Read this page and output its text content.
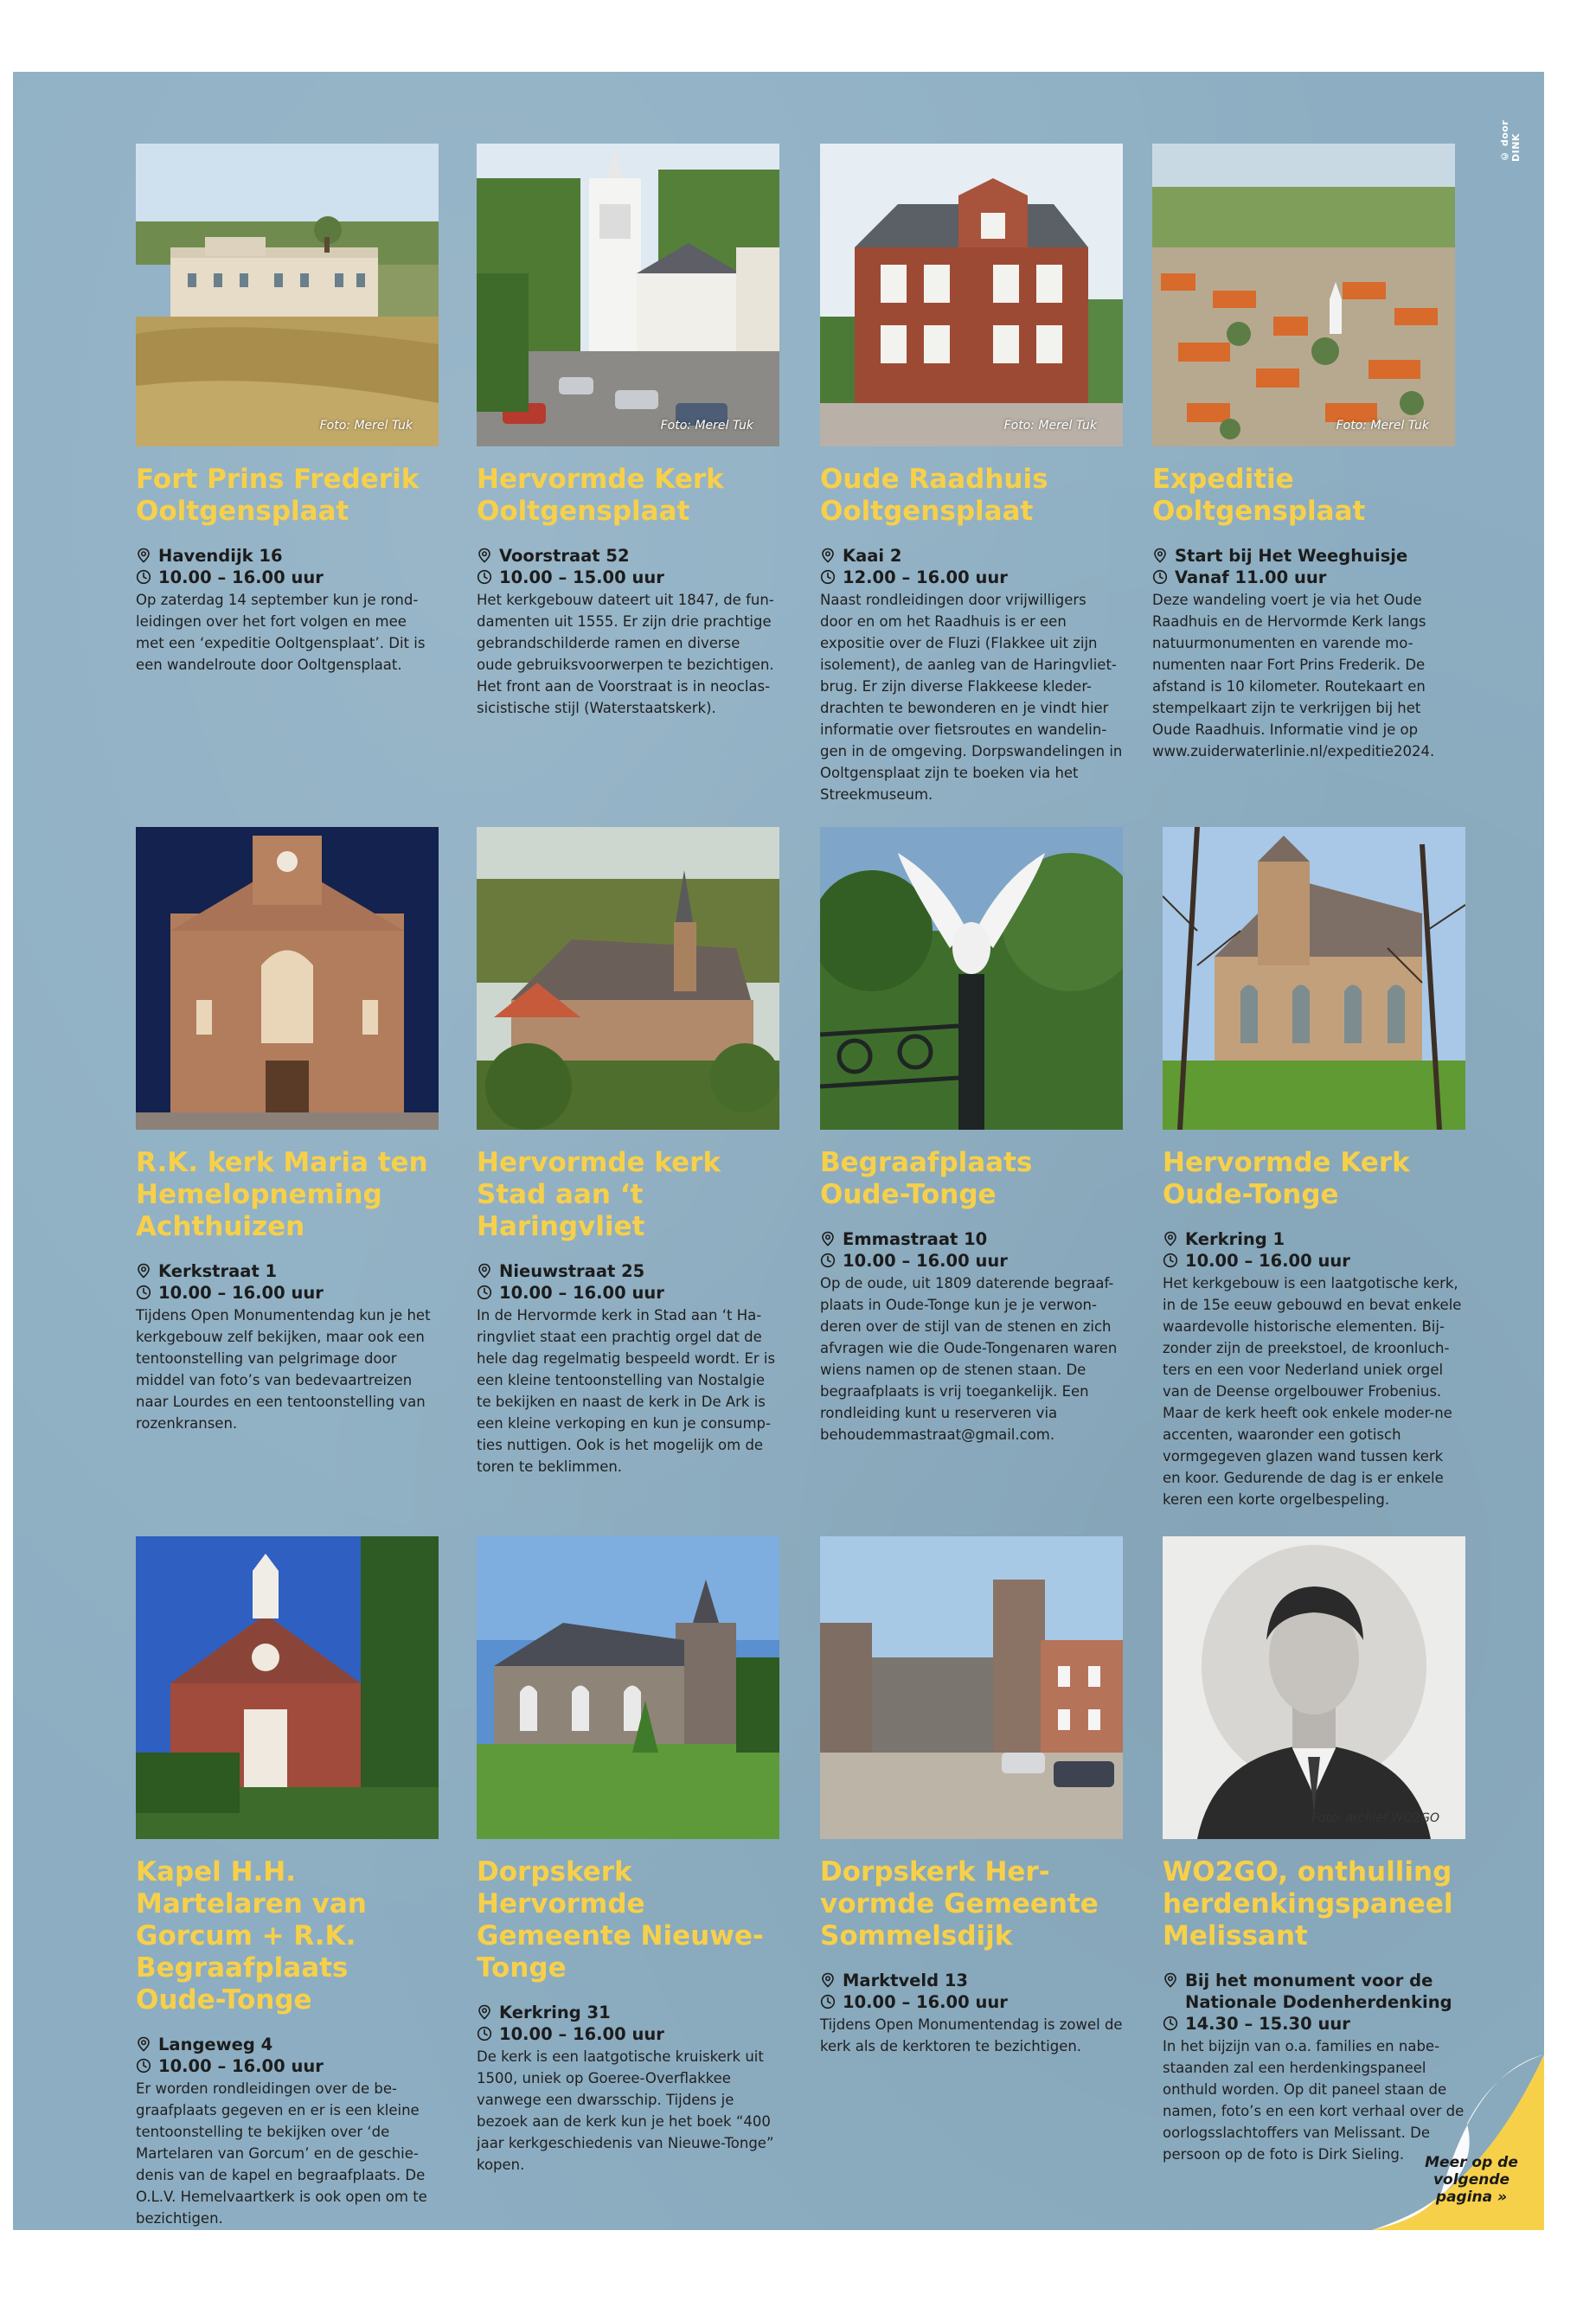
© door DINK
Foto: Merel Tuk
Fort Prins Frederik Ooltgensplaat
Havendijk 16
10.00 – 16.00 uur
Op zaterdag 14 september kun je rond-leidingen over het fort volgen en mee met een ‘expeditie Ooltgensplaat’. Dit is een wandelroute door Ooltgensplaat.
Foto: Merel Tuk
Hervormde Kerk Ooltgensplaat
Voorstraat 52
10.00 – 15.00 uur
Het kerkgebouw dateert uit 1847, de fun-damenten uit 1555. Er zijn drie prachtige gebrandschilderde ramen en diverse oude gebruiksvoorwerpen te bezichtigen. Het front aan de Voorstraat is in neoclas-sicistische stijl (Waterstaatskerk).
Foto: Merel Tuk
Oude Raadhuis Ooltgensplaat
Kaai 2
12.00 – 16.00 uur
Naast rondleidingen door vrijwilligers door en om het Raadhuis is er een expositie over de Fluzi (Flakkee uit zijn isolement), de aanleg van de Haringvliet-brug. Er zijn diverse Flakkeese kleder-drachten te bewonderen en je vindt hier informatie over fietsroutes en wandelin-gen in de omgeving. Dorpswandelingen in Ooltgensplaat zijn te boeken via het Streekmuseum.
Foto: Merel Tuk
Expeditie Ooltgensplaat
Start bij Het Weeghuisje
Vanaf 11.00 uur
Deze wandeling voert je via het Oude Raadhuis en de Hervormde Kerk langs natuurmonumenten en varende mo-numenten naar Fort Prins Frederik. De afstand is 10 kilometer. Routekaart en stempelkaart zijn te verkrijgen bij het Oude Raadhuis. Informatie vind je op www.zuiderwaterlinie.nl/expeditie2024.
R.K. kerk Maria ten Hemelopneming Achthuizen
Kerkstraat 1
10.00 – 16.00 uur
Tijdens Open Monumentendag kun je het kerkgebouw zelf bekijken, maar ook een tentoonstelling van pelgrimage door middel van foto’s van bedevaartreizen naar Lourdes en een tentoonstelling van rozenkransen.
Hervormde kerk Stad aan ‘t Haringvliet
Nieuwstraat 25
10.00 – 16.00 uur
In de Hervormde kerk in Stad aan ‘t Ha-ringvliet staat een prachtig orgel dat de hele dag regelmatig bespeeld wordt. Er is een kleine tentoonstelling van Nostalgie te bekijken en naast de kerk in De Ark is een kleine verkoping en kun je consump-ties nuttigen. Ook is het mogelijk om de toren te beklimmen.
Begraafplaats Oude-Tonge
Emmastraat 10
10.00 – 16.00 uur
Op de oude, uit 1809 daterende begraaf-plaats in Oude-Tonge kun je je verwon-deren over de stijl van de stenen en zich afvragen wie die Oude-Tongenaren waren wiens namen op de stenen staan. De begraafplaats is vrij toegankelijk. Een rondleiding kunt u reserveren via behoudemmastraat@gmail.com.
Hervormde Kerk Oude-Tonge
Kerkring 1
10.00 – 16.00 uur
Het kerkgebouw is een laatgotische kerk, in de 15e eeuw gebouwd en bevat enkele waardevolle historische elementen. Bij-zonder zijn de preekstoel, de kroonluch-ters en een voor Nederland uniek orgel van de Deense orgelbouwer Frobenius. Maar de kerk heeft ook enkele moder-ne accenten, waaronder een gotisch vormgegeven glazen wand tussen kerk en koor. Gedurende de dag is er enkele keren een korte orgelbespeling.
Kapel H.H. Martelaren van Gorcum + R.K. Begraafplaats Oude-Tonge
Langeweg 4
10.00 – 16.00 uur
Er worden rondleidingen over de be-graafplaats gegeven en er is een kleine tentoonstelling te bekijken over ‘de Martelaren van Gorcum’ en de geschie-denis van de kapel en begraafplaats. De O.L.V. Hemelvaartkerk is ook open om te bezichtigen.
Dorpskerk Hervormde Gemeente Nieuwe-Tonge
Kerkring 31
10.00 – 16.00 uur
De kerk is een laatgotische kruiskerk uit 1500, uniek op Goeree-Overflakkee vanwege een dwarsschip. Tijdens je bezoek aan de kerk kun je het boek “400 jaar kerkgeschiedenis van Nieuwe-Tonge” kopen.
Dorpskerk Her-vormde Gemeente Sommelsdijk
Marktveld 13
10.00 – 16.00 uur
Tijdens Open Monumentendag is zowel de kerk als de kerktoren te bezichtigen.
Foto: archief WO2GO
WO2GO, onthulling herdenkingspaneel Melissant
Bij het monument voor de Nationale Dodenherdenking
14.30 – 15.30 uur
In het bijzijn van o.a. families en nabe-staanden zal een herdenkingspaneel onthuld worden. Op dit paneel staan de namen, foto’s en een kort verhaal over de oorlogsslachtoffers van Melissant. De persoon op de foto is Dirk Sieling.	Meer op de volgende pagina »
